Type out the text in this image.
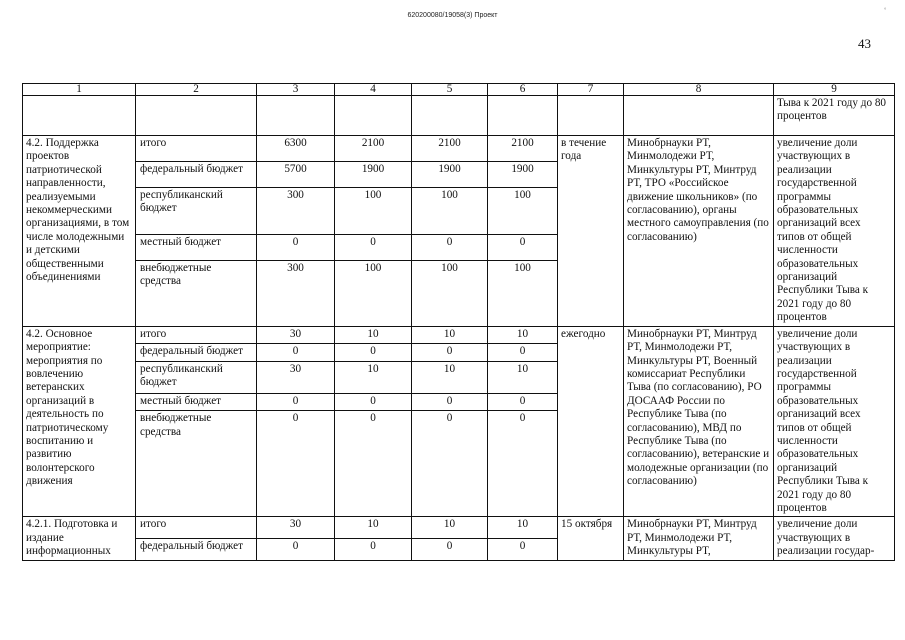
620200080/19058(3) Проект
°
43
1	2	3	4	5	6	7	8	9
								Тыва к 2021 году до 80 процентов
4.2. Поддержка проектов патриотической направленности, реализуемыми некоммерческими организациями, в том числе молодежными и детскими общественными объединениями	итого	6300	2100	2100	2100	в течение года	Минобрнауки РТ, Минмолодежи РТ, Минкультуры РТ, Минтруд РТ, ТРО «Российское движение школьников» (по согласованию), органы местного самоуправления (по согласованию)	увеличение доли участвующих в реализации государственной программы образовательных организаций всех типов от общей численности образовательных организаций Республики Тыва к 2021 году до 80 процентов
	федеральный бюджет	5700	1900	1900	1900			
	республиканский бюджет	300	100	100	100			
	местный бюджет	0	0	0	0			
	внебюджетные средства	300	100	100	100			
4.2. Основное мероприятие: мероприятия по вовлечению ветеранских организаций в деятельность по патриотическому воспитанию и развитию волонтерского движения	итого	30	10	10	10	ежегодно	Минобрнауки РТ, Минтруд РТ, Минмолодежи РТ, Минкультуры РТ, Военный комиссариат Республики Тыва (по согласованию), РО ДОСААФ России по Республике Тыва (по согласованию), МВД по Республике Тыва (по согласованию), ветеранские и молодежные организации (по согласованию)	увеличение доли участвующих в реализации государственной программы образовательных организаций всех типов от общей численности образовательных организаций Республики Тыва к 2021 году до 80 процентов
	федеральный бюджет	0	0	0	0			
	республиканский бюджет	30	10	10	10			
	местный бюджет	0	0	0	0			
	внебюджетные средства	0	0	0	0			
4.2.1. Подготовка и издание информационных	итого	30	10	10	10	15 октября	Минобрнауки РТ, Минтруд РТ, Минмолодежи РТ, Минкультуры РТ,	увеличение доли участвующих в реализации государ-
	федеральный бюджет	0	0	0	0			
